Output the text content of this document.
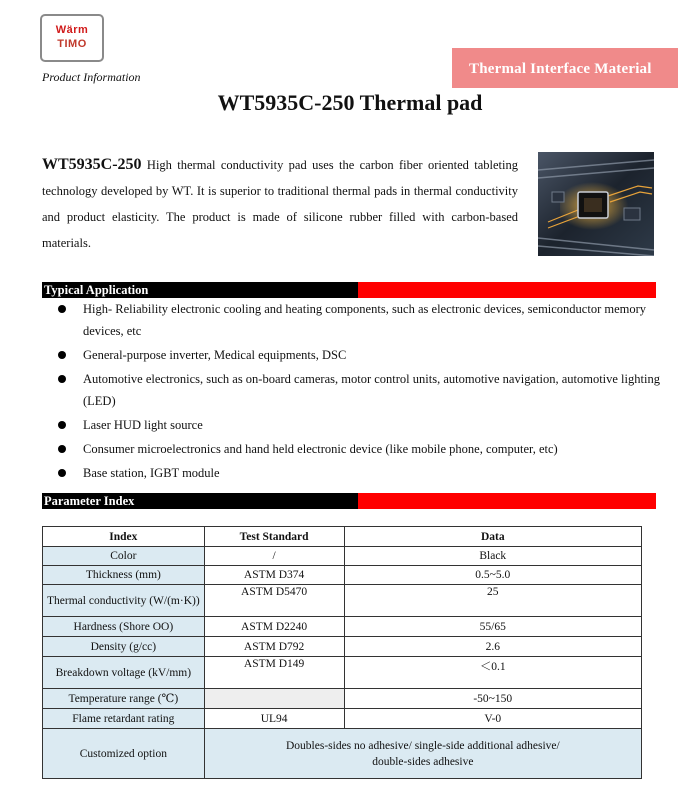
Wärm
TIMO
Product Information	Thermal Interface Material
WT5935C-250 Thermal pad

WT5935C-250 High thermal conductivity pad uses the carbon fiber oriented tableting technology developed by WT. It is superior to traditional thermal pads in thermal conductivity and product elasticity. The product is made of silicone rubber filled with carbon-based materials.

Typical Application
High- Reliability electronic cooling and heating components, such as electronic devices, semiconductor memory devices, etc
General-purpose inverter, Medical equipments, DSC
Automotive electronics, such as on-board cameras, motor control units, automotive navigation, automotive lighting (LED)
Laser HUD light source
Consumer microelectronics and hand held electronic device (like mobile phone, computer, etc)
Base station, IGBT module
Parameter Index
Index	Test Standard	Data
Color	/	Black
Thickness (mm)	ASTM D374	0.5~5.0
Thermal conductivity (W/(m·K))	ASTM D5470	25
Hardness (Shore OO)	ASTM D2240	55/65
Density (g/cc)	ASTM D792	2.6
Breakdown voltage (kV/mm)	ASTM D149	＜0.1
Temperature range (℃)		-50~150
Flame retardant rating	UL94	V-0
Customized option	Doubles-sides no adhesive/ single-side additional adhesive/ double-sides adhesive	
